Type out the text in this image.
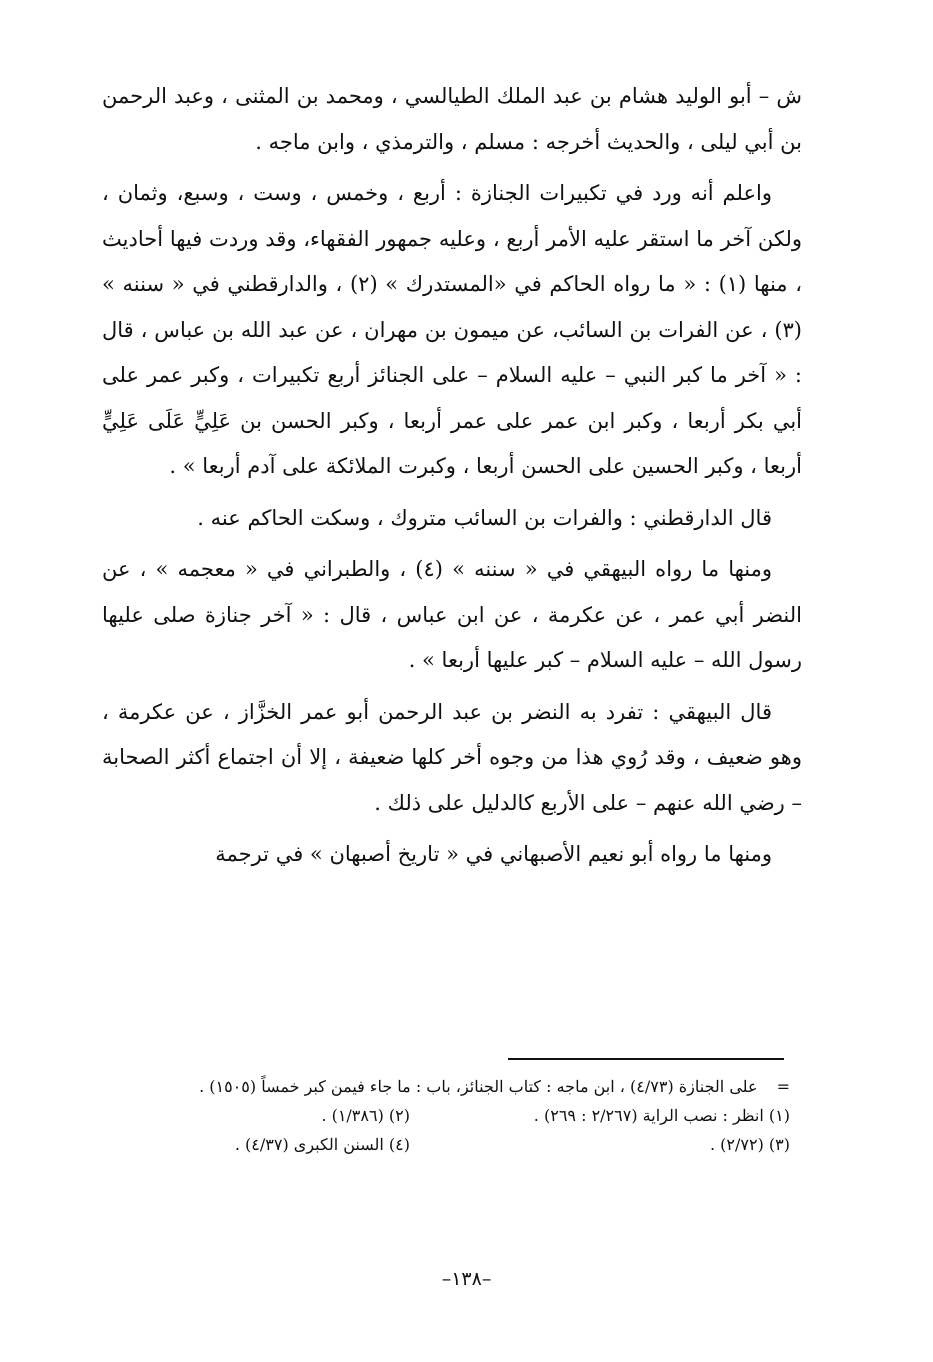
ش – أبو الوليد هشام بن عبد الملك الطيالسي ، ومحمد بن المثنى ، وعبد الرحمن بن أبي ليلى ، والحديث أخرجه : مسلم ، والترمذي ، وابن ماجه .

واعلم أنه ورد في تكبيرات الجنازة : أربع ، وخمس ، وست ، وسبع، وثمان ، ولكن آخر ما استقر عليه الأمر أربع ، وعليه جمهور الفقهاء، وقد وردت فيها أحاديث ، منها (١) : « ما رواه الحاكم في «المستدرك » (٢) ، والدارقطني في « سننه » (٣) ، عن الفرات بن السائب، عن ميمون بن مهران ، عن عبد الله بن عباس ، قال : « آخر ما كبر النبي – عليه السلام – على الجنائز أربع تكبيرات ، وكبر عمر على أبي بكر أربعا ، وكبر ابن عمر على عمر أربعا ، وكبر الحسن بن عَلِيٍّ عَلَى عَلِيٍّ أربعا ، وكبر الحسين على الحسن أربعا ، وكبرت الملائكة على آدم أربعا » .

قال الدارقطني : والفرات بن السائب متروك ، وسكت الحاكم عنه .

ومنها ما رواه البيهقي في « سننه » (٤) ، والطبراني في « معجمه » ، عن النضر أبي عمر ، عن عكرمة ، عن ابن عباس ، قال : « آخر جنازة صلى عليها رسول الله – عليه السلام – كبر عليها أربعا » .

قال البيهقي : تفرد به النضر بن عبد الرحمن أبو عمر الخزَّاز ، عن عكرمة ، وهو ضعيف ، وقد رُوي هذا من وجوه أخر كلها ضعيفة ، إلا أن اجتماع أكثر الصحابة – رضي الله عنهم – على الأربع كالدليل على ذلك .

ومنها ما رواه أبو نعيم الأصبهاني في « تاريخ أصبهان » في ترجمة

= على الجنازة (٤/٧٣) ، ابن ماجه : كتاب الجنائز، باب : ما جاء فيمن كبر خمساً (١٥٠٥) .

(١) انظر : نصب الراية (٢/٢٦٧ : ٢٦٩) .
(٢) (١/٣٨٦) .
(٣) (٢/٧٢) .
(٤) السنن الكبرى (٤/٣٧) .
–١٣٨–
